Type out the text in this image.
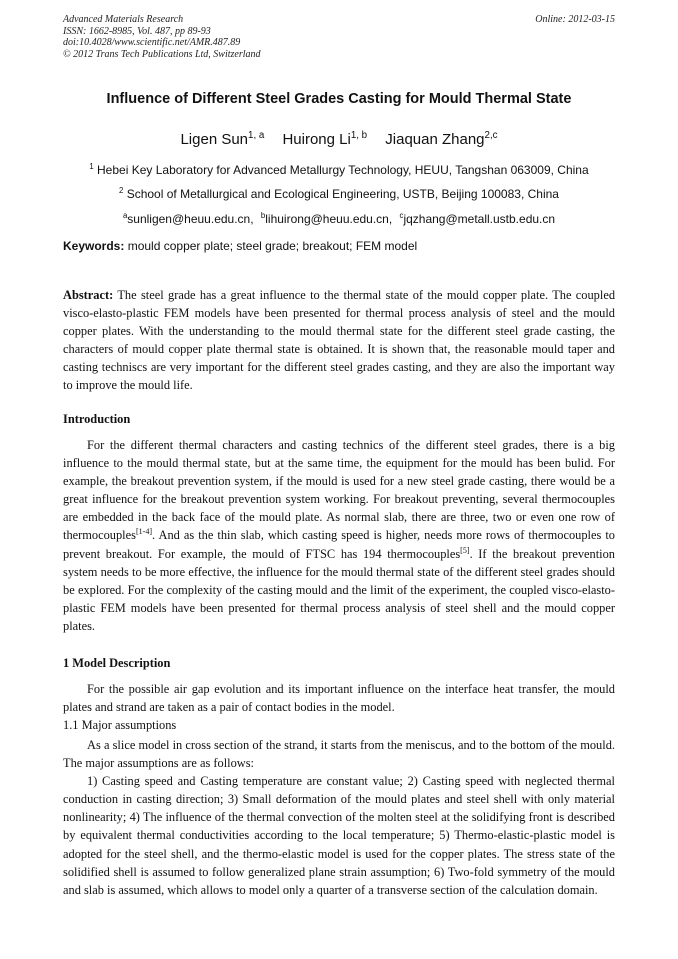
Advanced Materials Research
ISSN: 1662-8985, Vol. 487, pp 89-93
doi:10.4028/www.scientific.net/AMR.487.89
© 2012 Trans Tech Publications Ltd, Switzerland
Online: 2012-03-15
Influence of Different Steel Grades Casting for Mould Thermal State
Ligen Sun$^{1, a}$ Huirong Li$^{1, b}$ Jiaquan Zhang$^{2,c}$
$^1$ Hebei Key Laboratory for Advanced Metallurgy Technology, HEUU, Tangshan 063009, China
$^2$ School of Metallurgical and Ecological Engineering, USTB, Beijing 100083, China
$^a$sunligen@heuu.edu.cn, $^b$lihuirong@heuu.edu.cn, $^c$jqzhang@metall.ustb.edu.cn
Keywords: mould copper plate; steel grade; breakout; FEM model

Abstract: The steel grade has a great influence to the thermal state of the mould copper plate. The coupled visco-elasto-plastic FEM models have been presented for thermal process analysis of steel and the mould copper plates. With the understanding to the mould thermal state for the different steel grade casting, the characters of mould copper plate thermal state is obtained. It is shown that, the reasonable mould taper and casting techniscs are very important for the different steel grades casting, and they are also the important way to improve the mould life.

Introduction

For the different thermal characters and casting technics of the different steel grades, there is a big influence to the mould thermal state, but at the same time, the equipment for the mould has been bulid. For example, the breakout prevention system, if the mould is used for a new steel grade casting, there would be a great influence for the breakout prevention system working. For breakout preventing, several thermocouples are embedded in the back face of the mould plate. As normal slab, there are three, two or even one row of thermocouples[1-4]. And as the thin slab, which casting speed is higher, needs more rows of thermocouples to prevent breakout. For example, the mould of FTSC has 194 thermocouples[5]. If the breakout prevention system needs to be more effective, the influence for the mould thermal state of the different steel grades should be explored. For the complexity of the casting mould and the limit of the experiment, the coupled visco-elasto-plastic FEM models have been presented for thermal process analysis of steel shell and the mould copper plates.

1 Model Description

For the possible air gap evolution and its important influence on the interface heat transfer, the mould plates and strand are taken as a pair of contact bodies in the model.

1.1 Major assumptions

As a slice model in cross section of the strand, it starts from the meniscus, and to the bottom of the mould. The major assumptions are as follows:

1) Casting speed and Casting temperature are constant value; 2) Casting speed with neglected thermal conduction in casting direction; 3) Small deformation of the mould plates and steel shell with only material nonlinearity; 4) The influence of the thermal convection of the molten steel at the solidifying front is described by equivalent thermal conductivities according to the local temperature; 5) Thermo-elastic-plastic model is adopted for the steel shell, and the thermo-elastic model is used for the copper plates. The stress state of the solidified shell is assumed to follow generalized plane strain assumption; 6) Two-fold symmetry of the mould and slab is assumed, which allows to model only a quarter of a transverse section of the calculation domain.
